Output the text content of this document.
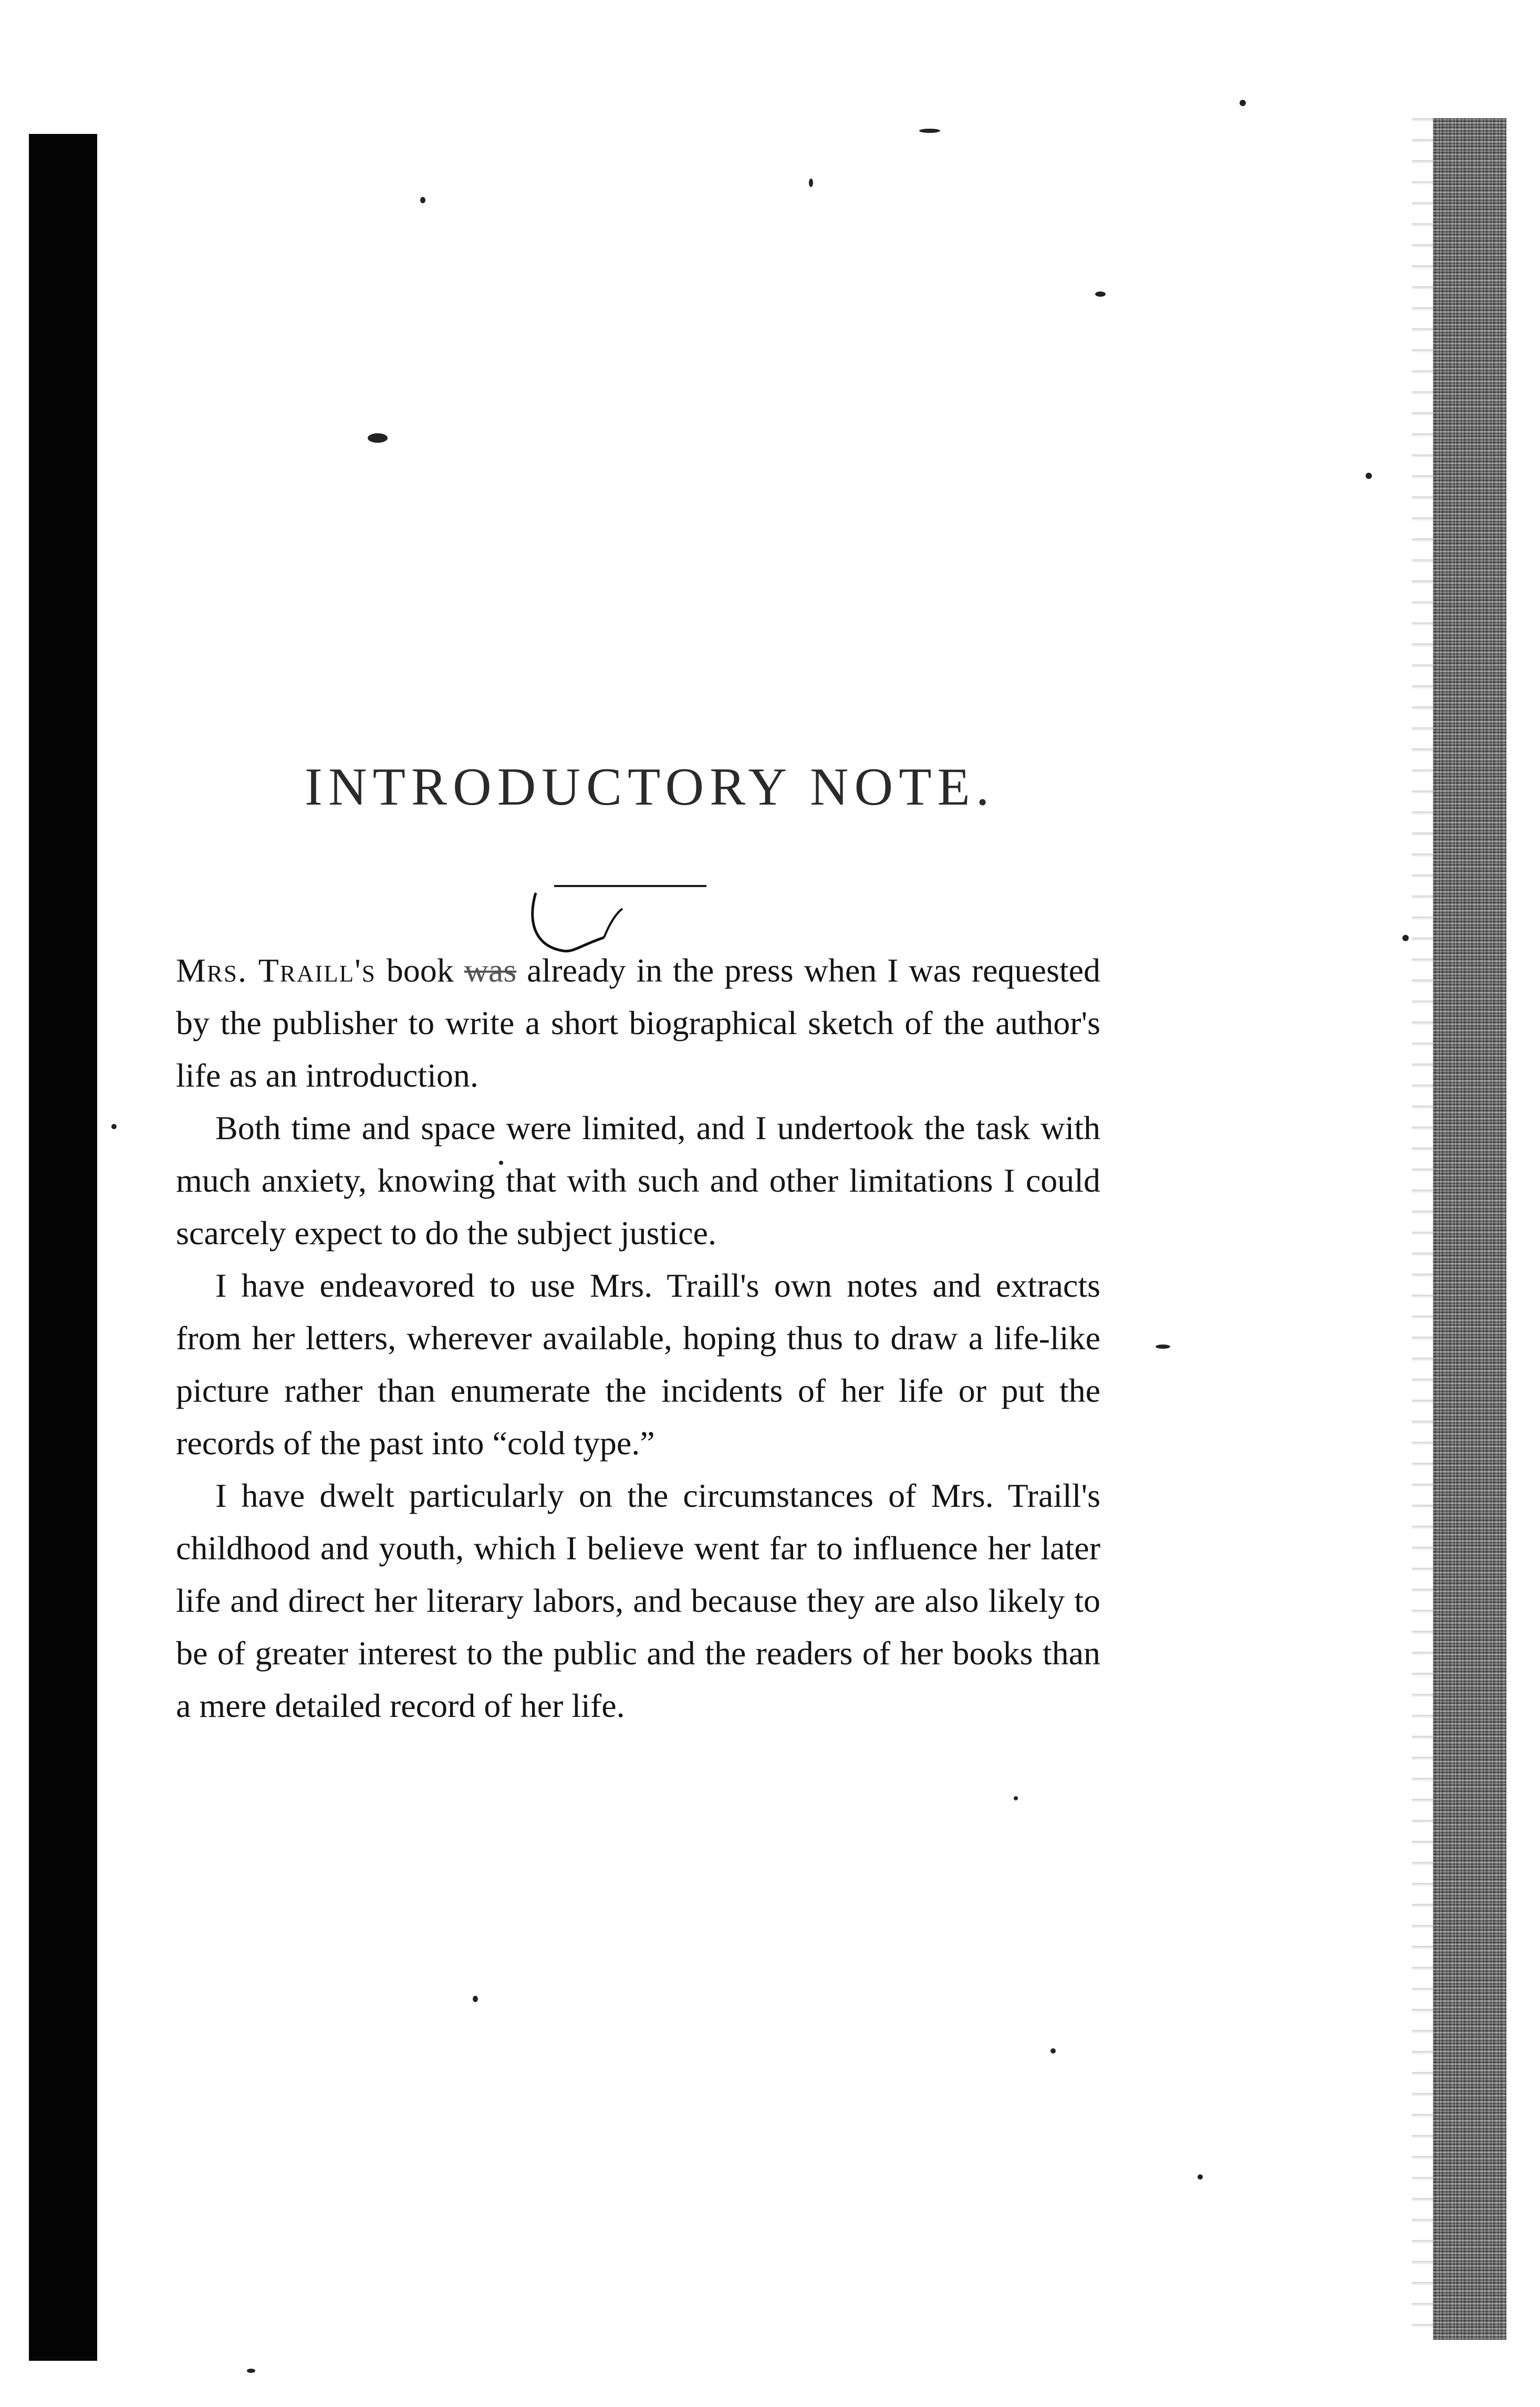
INTRODUCTORY NOTE.

Mrs. Traill's book was already in the press when I was requested by the publisher to write a short biographical sketch of the author's life as an introduction.

Both time and space were limited, and I undertook the task with much anxiety, knowing that with such and other limitations I could scarcely expect to do the subject justice.

I have endeavored to use Mrs. Traill's own notes and extracts from her letters, wherever available, hoping thus to draw a life-like picture rather than enumerate the incidents of her life or put the records of the past into “cold type.”

I have dwelt particularly on the circumstances of Mrs. Traill's childhood and youth, which I believe went far to influence her later life and direct her literary labors, and because they are also likely to be of greater interest to the public and the readers of her books than a mere detailed record of her life.
